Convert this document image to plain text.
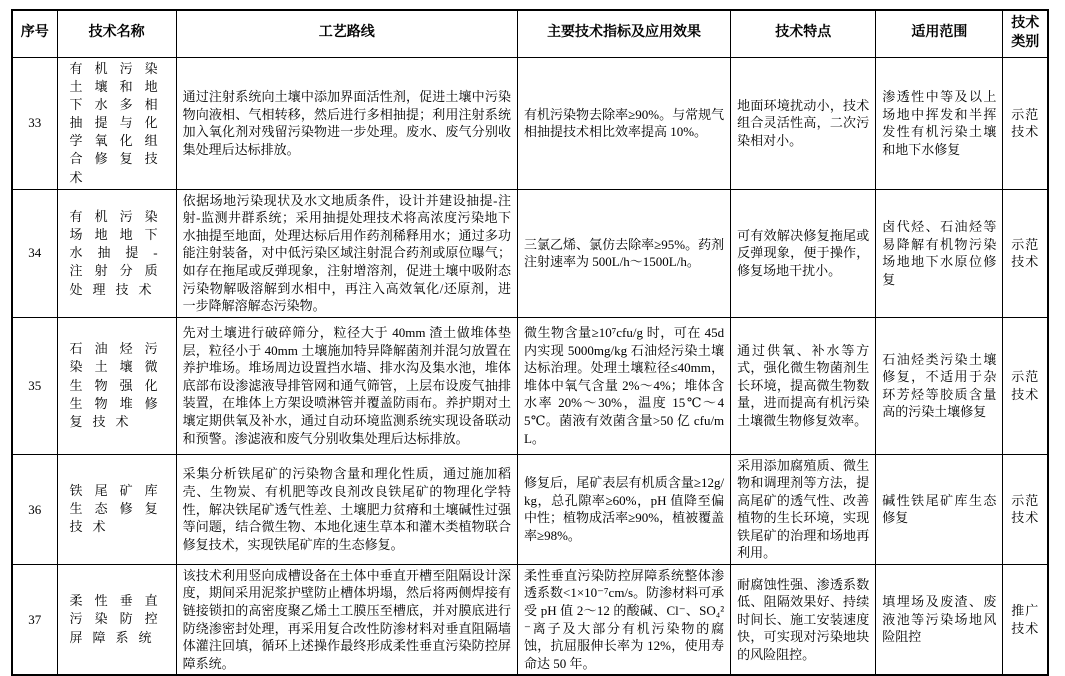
序号	技术名称	工艺路线	主要技术指标及应用效果	技术特点	适用范围	技术类别
33	有机污染土壤和地下水多相抽提与化学氧化组合修复技术	通过注射系统向土壤中添加界面活性剂，促进土壤中污染物向液相、气相转移，然后进行多相抽提；利用注射系统加入氧化剂对残留污染物进一步处理。废水、废气分别收集处理后达标排放。	有机污染物去除率≥90%。与常规气相抽提技术相比效率提高 10%。	地面环境扰动小，技术组合灵活性高，二次污染相对小。	渗透性中等及以上场地中挥发和半挥发性有机污染土壤和地下水修复	示范技术
34	有机污染场地地下水抽提-注射分质处理技术	依据场地污染现状及水文地质条件，设计并建设抽提-注射-监测井群系统；采用抽提处理技术将高浓度污染地下水抽提至地面，处理达标后用作药剂稀释用水；通过多功能注射装备，对中低污染区域注射混合药剂或原位曝气；如存在拖尾或反弹现象，注射增溶剂，促进土壤中吸附态污染物解吸溶解到水相中，再注入高效氧化/还原剂，进一步降解溶解态污染物。	三氯乙烯、氯仿去除率≥95%。药剂注射速率为 500L/h～1500L/h。	可有效解决修复拖尾或反弹现象，便于操作，修复场地干扰小。	卤代烃、石油烃等易降解有机物污染场地地下水原位修复	示范技术
35	石油烃污染土壤微生物强化生物堆修复技术	先对土壤进行破碎筛分，粒径大于 40mm 渣土做堆体垫层，粒径小于 40mm 土壤施加特异降解菌剂并混匀放置在养护堆场。堆场周边设置挡水墙、排水沟及集水池，堆体底部布设渗滤液导排管网和通气筛管，上层布设废气抽排装置，在堆体上方架设喷淋管并覆盖防雨布。养护期对土壤定期供氧及补水，通过自动环境监测系统实现设备联动和预警。渗滤液和废气分别收集处理后达标排放。	微生物含量≥10⁷cfu/g 时，可在 45d 内实现 5000mg/kg 石油烃污染土壤达标治理。处理土壤粒径≤40mm，堆体中氧气含量 2%～4%；堆体含水率 20%～30%，温度 15℃～45℃。菌液有效菌含量>50 亿 cfu/mL。	通过供氧、补水等方式，强化微生物菌剂生长环境，提高微生物数量，进而提高有机污染土壤微生物修复效率。	石油烃类污染土壤修复，不适用于杂环芳烃等胶质含量高的污染土壤修复	示范技术
36	铁尾矿库生态修复技术	采集分析铁尾矿的污染物含量和理化性质，通过施加稻壳、生物炭、有机肥等改良剂改良铁尾矿的物理化学特性，解决铁尾矿透气性差、土壤肥力贫瘠和土壤碱性过强等问题，结合微生物、本地化速生草本和灌木类植物联合修复技术，实现铁尾矿库的生态修复。	修复后，尾矿表层有机质含量≥12g/kg，总孔隙率≥60%，pH 值降至偏中性；植物成活率≥90%，植被覆盖率≥98%。	采用添加腐殖质、微生物和调理剂等方法，提高尾矿的透气性、改善植物的生长环境，实现铁尾矿的治理和场地再利用。	碱性铁尾矿库生态修复	示范技术
37	柔性垂直污染防控屏障系统	该技术利用竖向成槽设备在土体中垂直开槽至阻隔设计深度，期间采用泥浆护壁防止槽体坍塌，然后将两侧焊接有链接锁扣的高密度聚乙烯土工膜压至槽底，并对膜底进行防绕渗密封处理，再采用复合改性防渗材料对垂直阻隔墙体灌注回填，循环上述操作最终形成柔性垂直污染防控屏障系统。	柔性垂直污染防控屏障系统整体渗透系数<1×10⁻⁷cm/s。防渗材料可承受 pH 值 2～12 的酸碱、Cl⁻、SO₄²⁻离子及大部分有机污染物的腐蚀，抗屈服伸长率为 12%，使用寿命达 50 年。	耐腐蚀性强、渗透系数低、阻隔效果好、持续时间长、施工安装速度快，可实现对污染地块的风险阻控。	填埋场及废渣、废液池等污染场地风险阻控	推广技术
